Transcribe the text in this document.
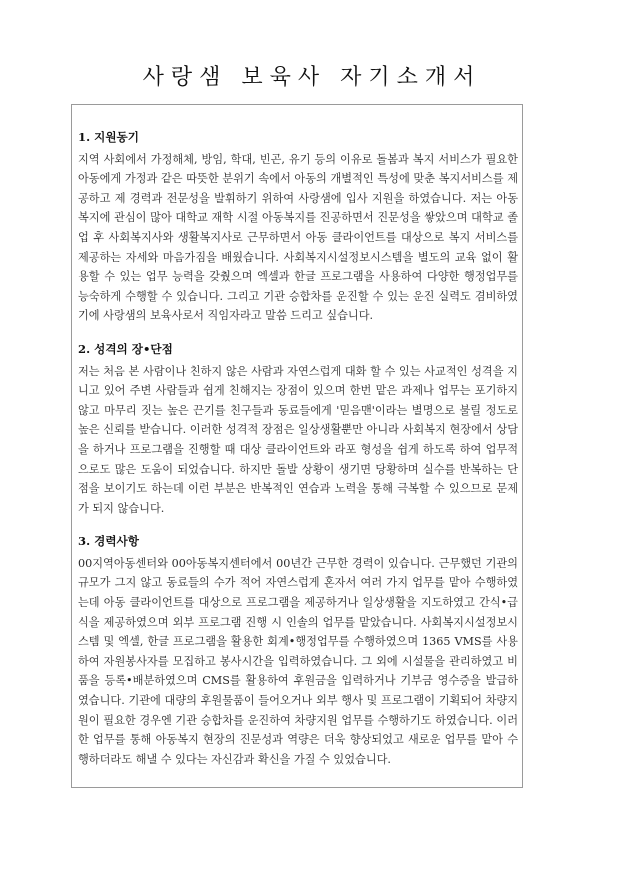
사랑샘 보육사 자기소개서
1. 지원동기
지역 사회에서 가정해체, 방임, 학대, 빈곤, 유기 등의 이유로 돌봄과 복지 서비스가 필요한 아동에게 가정과 같은 따뜻한 분위기 속에서 아동의 개별적인 특성에 맞춘 복지서비스를 제공하고 제 경력과 전문성을 발휘하기 위하여 사랑샘에 입사 지원을 하였습니다. 저는 아동복지에 관심이 많아 대학교 재학 시절 아동복지를 진공하면서 진문성을 쌓았으며 대학교 졸업 후 사회복지사와 생활복지사로 근무하면서 아동 클라이언트를 대상으로 복지 서비스를 제공하는 자세와 마음가짐을 배웠습니다. 사회복지시설정보시스템을 별도의 교육 없이 활용할 수 있는 업무 능력을 갖췄으며 엑셀과 한글 프로그램을 사용하여 다양한 행정업무를 능숙하게 수행할 수 있습니다. 그리고 기관 승합차를 운진할 수 있는 운진 실력도 겸비하였기에 사랑샘의 보육사로서 직임자라고 말씀 드리고 싶습니다.
2. 성격의 장•단점
저는 처음 본 사람이나 친하지 않은 사람과 자연스럽게 대화 할 수 있는 사교적인 성격을 지니고 있어 주변 사람들과 쉽게 친해지는 장점이 있으며 한번 맡은 과제나 업무는 포기하지 않고 마무리 짓는 높은 끈기를 친구들과 동료들에게 '믿음맨'이라는 별명으로 불릴 정도로 높은 신뢰를 받습니다. 이러한 성격적 장점은 일상생활뿐만 아니라 사회복지 현장에서 상담을 하거나 프로그램을 진행할 때 대상 클라이언트와 라포 형성을 쉽게 하도록 하여 업무적으로도 많은 도움이 되었습니다. 하지만 돌발 상황이 생기면 당황하며 실수를 반복하는 단점을 보이기도 하는데 이런 부분은 반복적인 연습과 노력을 통해 극복할 수 있으므로 문제가 되지 않습니다.
3. 경력사항
00지역아동센터와 00아동복지센터에서 00년간 근무한 경력이 있습니다. 근무했던 기관의 규모가 그지 않고 동료들의 수가 적어 자연스럽게 혼자서 여러 가지 업무를 맡아 수행하였는데 아동 클라이언트를 대상으로 프로그램을 제공하거나 일상생활을 지도하였고 간식•급식을 제공하였으며 외부 프로그램 진행 시 인솔의 업무를 맡았습니다. 사회복지시설정보시스템 및 엑셀, 한글 프로그램을 활용한 회계•행정업무를 수행하였으며 1365 VMS를 사용하여 자원봉사자를 모집하고 봉사시간을 입력하였습니다. 그 외에 시설물을 관리하였고 비품을 등록•배분하였으며 CMS를 활용하여 후원금을 입력하거나 기부금 영수증을 발급하였습니다. 기관에 대량의 후원물품이 들어오거나 외부 행사 및 프로그램이 기획되어 차량지원이 필요한 경우엔 기관 승합차를 운진하여 차량지원 업무를 수행하기도 하였습니다. 이러한 업무를 통해 아동복지 현장의 진문성과 역량은 더욱 향상되었고 새로운 업무를 맡아 수행하더라도 해낼 수 있다는 자신감과 확신을 가질 수 있었습니다.
